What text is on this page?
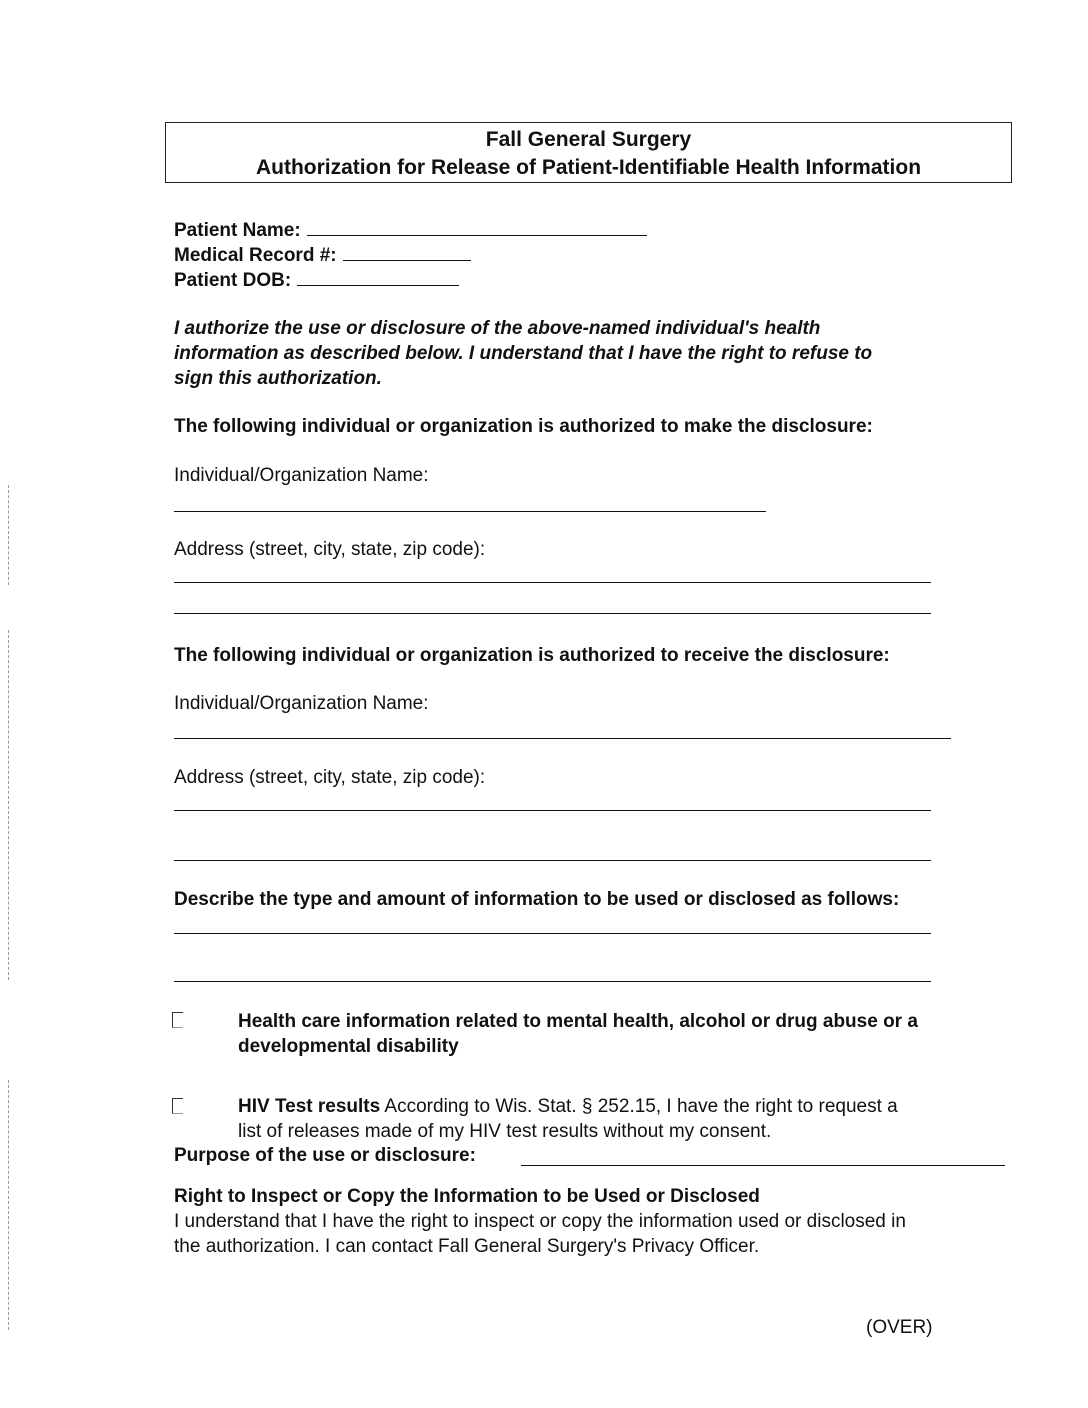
Fall General Surgery
Authorization for Release of Patient-Identifiable Health Information
Patient Name:
Medical Record #:
Patient DOB:
I authorize the use or disclosure of the above-named individual's health
information as described below. I understand that I have the right to refuse to
sign this authorization.
The following individual or organization is authorized to make the disclosure:
Individual/Organization Name:
Address (street, city, state, zip code):
The following individual or organization is authorized to receive the disclosure:
Individual/Organization Name:
Address (street, city, state, zip code):
Describe the type and amount of information to be used or disclosed as follows:
Health care information related to mental health, alcohol or drug abuse or a
developmental disability
HIV Test results According to Wis. Stat. § 252.15, I have the right to request a
list of releases made of my HIV test results without my consent.
Purpose of the use or disclosure:
Right to Inspect or Copy the Information to be Used or Disclosed
I understand that I have the right to inspect or copy the information used or disclosed in
the authorization. I can contact Fall General Surgery's Privacy Officer.
(OVER)
